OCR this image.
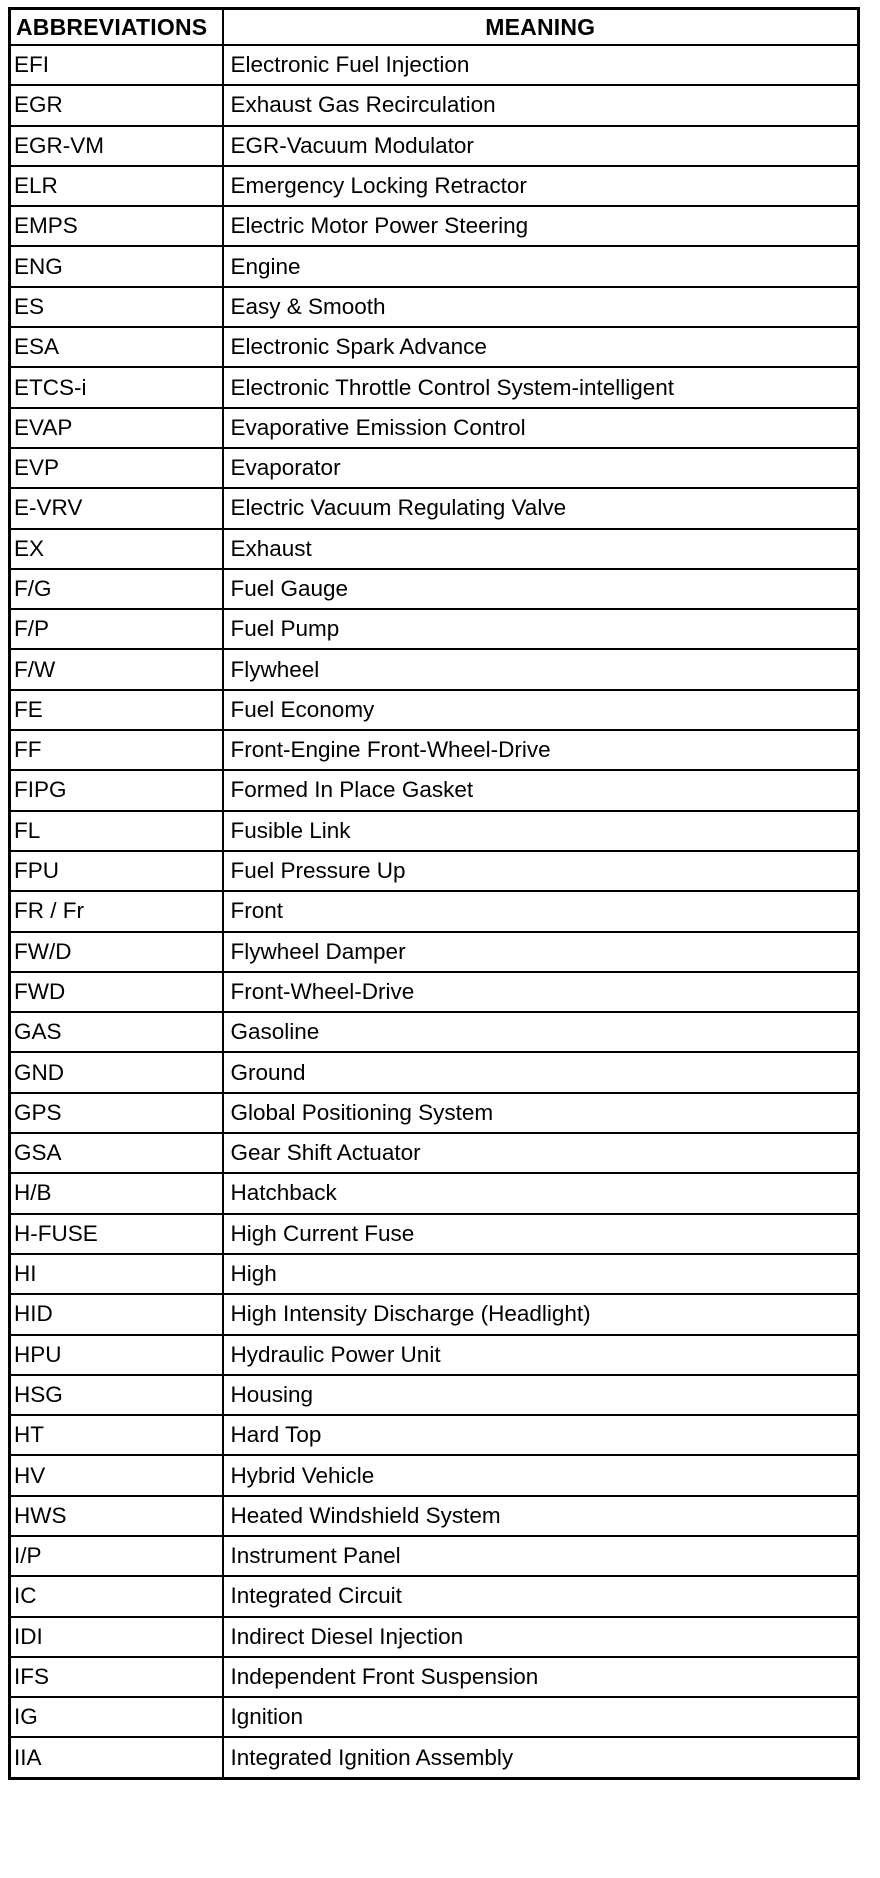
ABBREVIATIONS	MEANING
EFI	Electronic Fuel Injection
EGR	Exhaust Gas Recirculation
EGR-VM	EGR-Vacuum Modulator
ELR	Emergency Locking Retractor
EMPS	Electric Motor Power Steering
ENG	Engine
ES	Easy & Smooth
ESA	Electronic Spark Advance
ETCS-i	Electronic Throttle Control System-intelligent
EVAP	Evaporative Emission Control
EVP	Evaporator
E-VRV	Electric Vacuum Regulating Valve
EX	Exhaust
F/G	Fuel Gauge
F/P	Fuel Pump
F/W	Flywheel
FE	Fuel Economy
FF	Front-Engine Front-Wheel-Drive
FIPG	Formed In Place Gasket
FL	Fusible Link
FPU	Fuel Pressure Up
FR / Fr	Front
FW/D	Flywheel Damper
FWD	Front-Wheel-Drive
GAS	Gasoline
GND	Ground
GPS	Global Positioning System
GSA	Gear Shift Actuator
H/B	Hatchback
H-FUSE	High Current Fuse
HI	High
HID	High Intensity Discharge (Headlight)
HPU	Hydraulic Power Unit
HSG	Housing
HT	Hard Top
HV	Hybrid Vehicle
HWS	Heated Windshield System
I/P	Instrument Panel
IC	Integrated Circuit
IDI	Indirect Diesel Injection
IFS	Independent Front Suspension
IG	Ignition
IIA	Integrated Ignition Assembly
